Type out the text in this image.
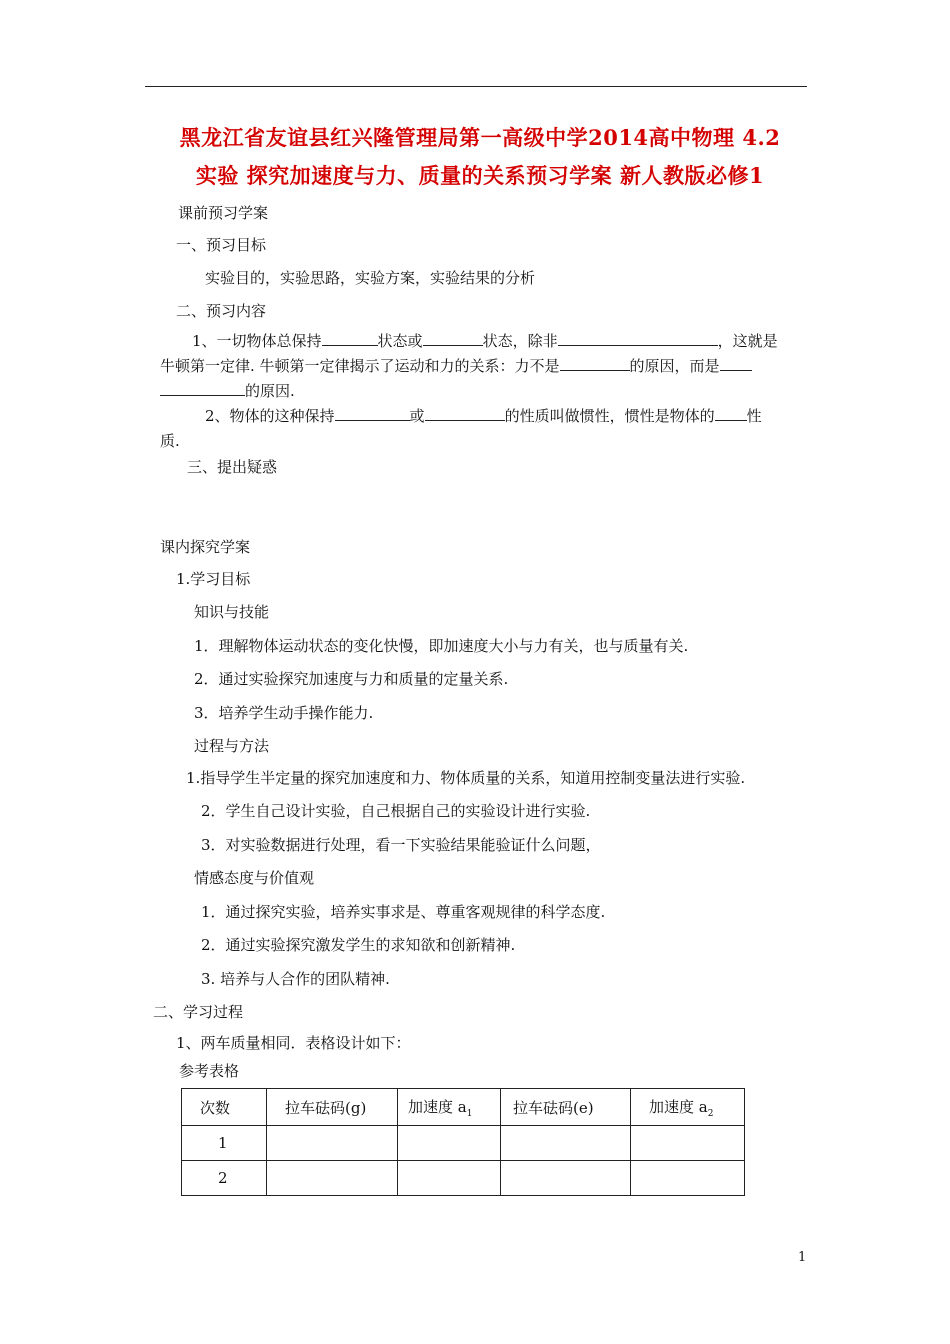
黑龙江省友谊县红兴隆管理局第一高级中学2014高中物理 4.2
实验 探究加速度与力、质量的关系预习学案 新人教版必修1
课前预习学案
一、预习目标
实验目的，实验思路，实验方案，实验结果的分析
二、预习内容
1、一切物体总保持	状态或	状态，除非	，这就是
牛顿第一定律. 牛顿第一定律揭示了运动和力的关系：力不是	的原因，而是
的原因.
2、物体的这种保持	或	的性质叫做惯性，惯性是物体的 性
质.
三、提出疑惑
课内探究学案
1.学习目标
知识与技能
1．理解物体运动状态的变化快慢，即加速度大小与力有关，也与质量有关.
2．通过实验探究加速度与力和质量的定量关系.
3．培养学生动手操作能力.
过程与方法
1.指导学生半定量的探究加速度和力、物体质量的关系，知道用控制变量法进行实验.
2．学生自己设计实验，自己根据自己的实验设计进行实验.
3．对实验数据进行处理，看一下实验结果能验证什么问题，
情感态度与价值观
1．通过探究实验，培养实事求是、尊重客观规律的科学态度.
2．通过实验探究激发学生的求知欲和创新精神.
3. 培养与人合作的团队精神.
二、学习过程
1、两车质量相同．表格设计如下：
参考表格
次数	拉车砝码(g)	加速度 $a_1$	拉车砝码(e)	加速度 $a_2$
1				
2				
1
